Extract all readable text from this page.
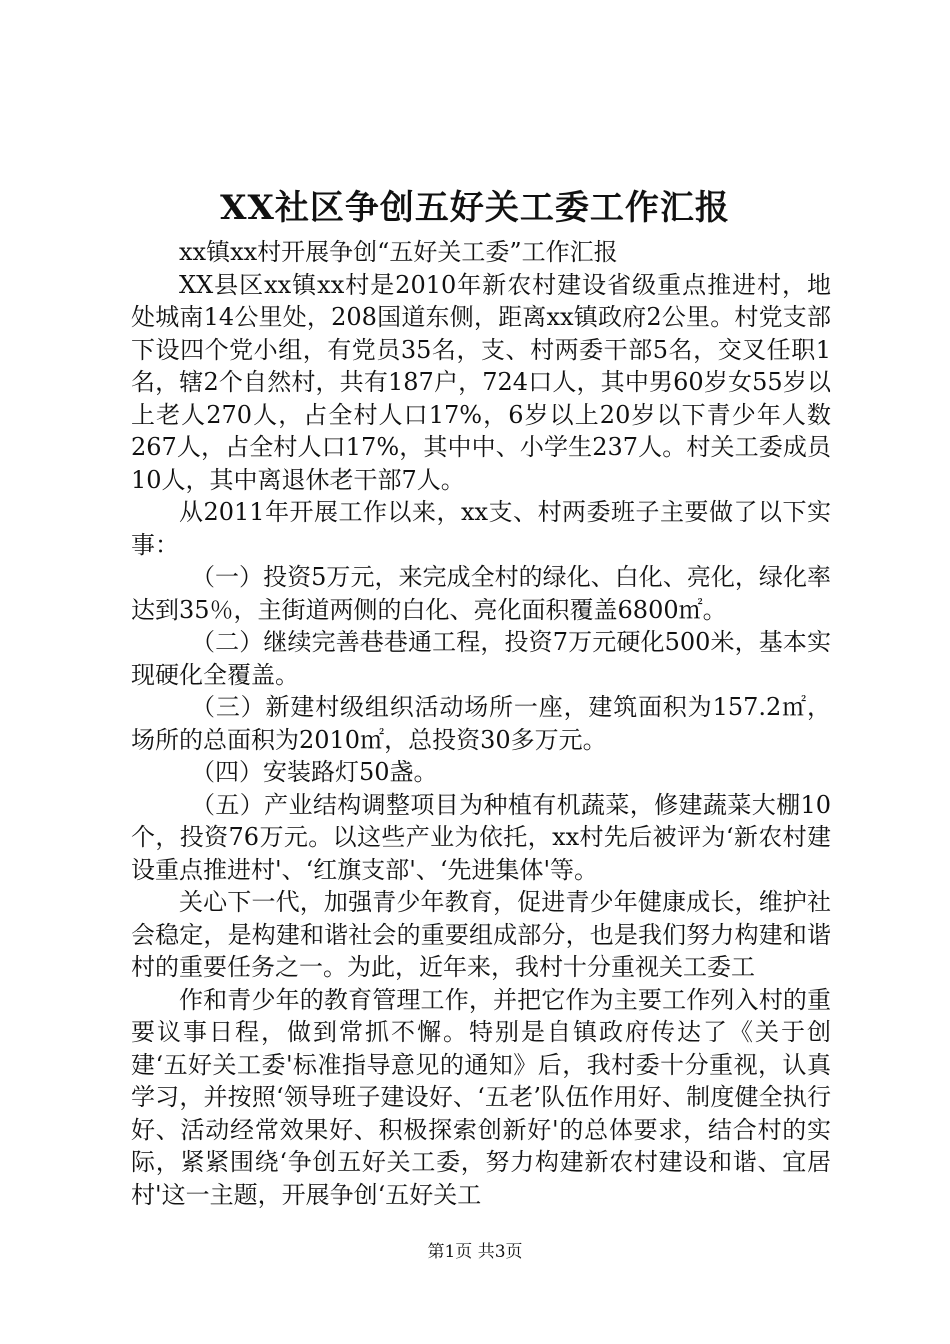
XX社区争创五好关工委工作汇报

xx镇xx村开展争创“五好关工委”工作汇报

XX县区xx镇xx村是2010年新农村建设省级重点推进村，地处城南14公里处，208国道东侧，距离xx镇政府2公里。村党支部下设四个党小组，有党员35名，支、村两委干部5名，交叉任职1名，辖2个自然村，共有187户，724口人，其中男60岁女55岁以上老人270人，占全村人口17%，6岁以上20岁以下青少年人数267人，占全村人口17%，其中中、小学生237人。村关工委成员10人，其中离退休老干部7人。

从2011年开展工作以来，xx支、村两委班子主要做了以下实事：

（一）投资5万元，来完成全村的绿化、白化、亮化，绿化率达到35％，主街道两侧的白化、亮化面积覆盖6800㎡。

（二）继续完善巷巷通工程，投资7万元硬化500米，基本实现硬化全覆盖。

（三）新建村级组织活动场所一座，建筑面积为157.2㎡，场所的总面积为2010㎡，总投资30多万元。

（四）安装路灯50盏。

（五）产业结构调整项目为种植有机蔬菜，修建蔬菜大棚10个，投资76万元。以这些产业为依托，xx村先后被评为‘新农村建设重点推进村'、‘红旗支部'、‘先进集体'等。

关心下一代，加强青少年教育，促进青少年健康成长，维护社会稳定，是构建和谐社会的重要组成部分，也是我们努力构建和谐村的重要任务之一。为此，近年来，我村十分重视关工委工

作和青少年的教育管理工作，并把它作为主要工作列入村的重要议事日程，做到常抓不懈。特别是自镇政府传达了《关于创建‘五好关工委'标准指导意见的通知》后，我村委十分重视，认真学习，并按照‘领导班子建设好、‘五老’队伍作用好、制度健全执行好、活动经常效果好、积极探索创新好'的总体要求，结合村的实际，紧紧围绕‘争创五好关工委，努力构建新农村建设和谐、宜居村'这一主题，开展争创‘五好关工

第1页 共3页
